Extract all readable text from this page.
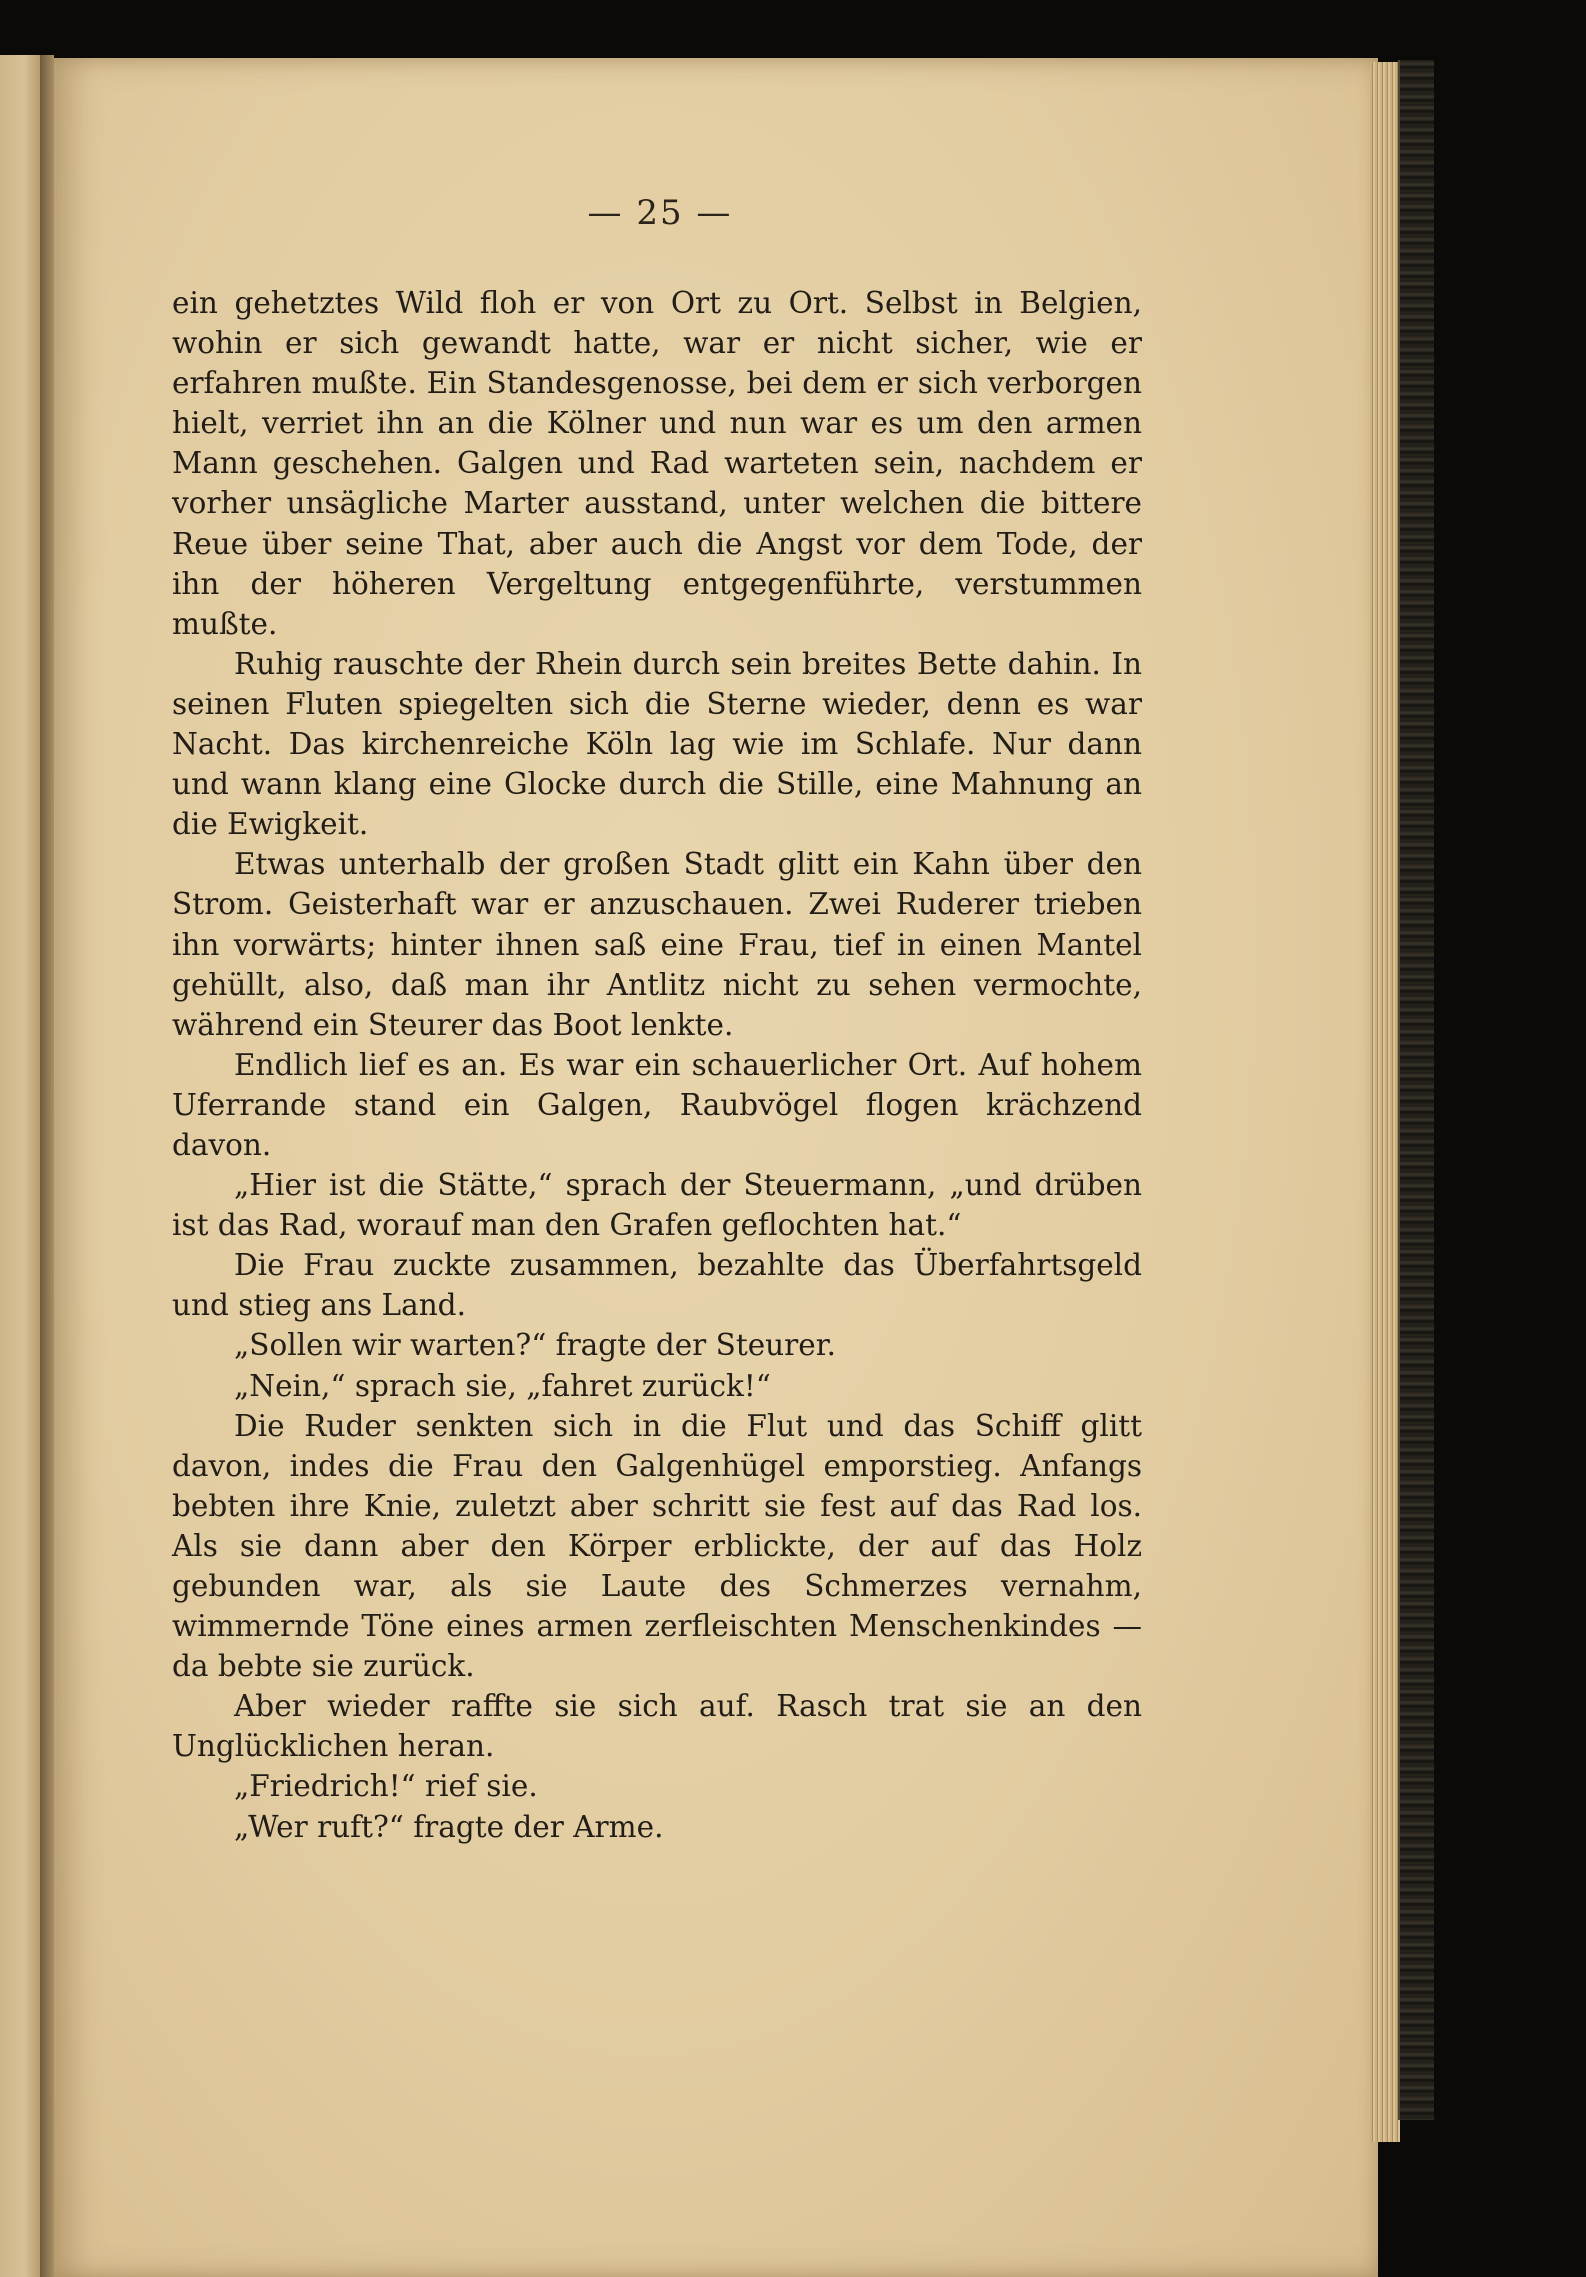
— 25 —

ein gehetztes Wild floh er von Ort zu Ort. Selbst in Belgien, wohin er sich gewandt hatte, war er nicht sicher, wie er erfahren mußte. Ein Standesgenosse, bei dem er sich verborgen hielt, verriet ihn an die Kölner und nun war es um den armen Mann geschehen. Galgen und Rad warteten sein, nachdem er vorher unsägliche Marter ausstand, unter welchen die bittere Reue über seine That, aber auch die Angst vor dem Tode, der ihn der höheren Vergeltung entgegenführte, verstummen mußte.

Ruhig rauschte der Rhein durch sein breites Bette dahin. In seinen Fluten spiegelten sich die Sterne wieder, denn es war Nacht. Das kirchenreiche Köln lag wie im Schlafe. Nur dann und wann klang eine Glocke durch die Stille, eine Mahnung an die Ewigkeit.

Etwas unterhalb der großen Stadt glitt ein Kahn über den Strom. Geisterhaft war er anzuschauen. Zwei Ruderer trieben ihn vorwärts; hinter ihnen saß eine Frau, tief in einen Mantel gehüllt, also, daß man ihr Antlitz nicht zu sehen vermochte, während ein Steurer das Boot lenkte.

Endlich lief es an. Es war ein schauerlicher Ort. Auf hohem Uferrande stand ein Galgen, Raubvögel flogen krächzend davon.

„Hier ist die Stätte,“ sprach der Steuermann, „und drüben ist das Rad, worauf man den Grafen geflochten hat.“

Die Frau zuckte zusammen, bezahlte das Überfahrtsgeld und stieg ans Land.

„Sollen wir warten?“ fragte der Steurer.

„Nein,“ sprach sie, „fahret zurück!“

Die Ruder senkten sich in die Flut und das Schiff glitt davon, indes die Frau den Galgenhügel emporstieg. Anfangs bebten ihre Knie, zuletzt aber schritt sie fest auf das Rad los. Als sie dann aber den Körper erblickte, der auf das Holz gebunden war, als sie Laute des Schmerzes vernahm, wimmernde Töne eines armen zerfleischten Menschenkindes — da bebte sie zurück.

Aber wieder raffte sie sich auf. Rasch trat sie an den Unglücklichen heran.

„Friedrich!“ rief sie.

„Wer ruft?“ fragte der Arme.
